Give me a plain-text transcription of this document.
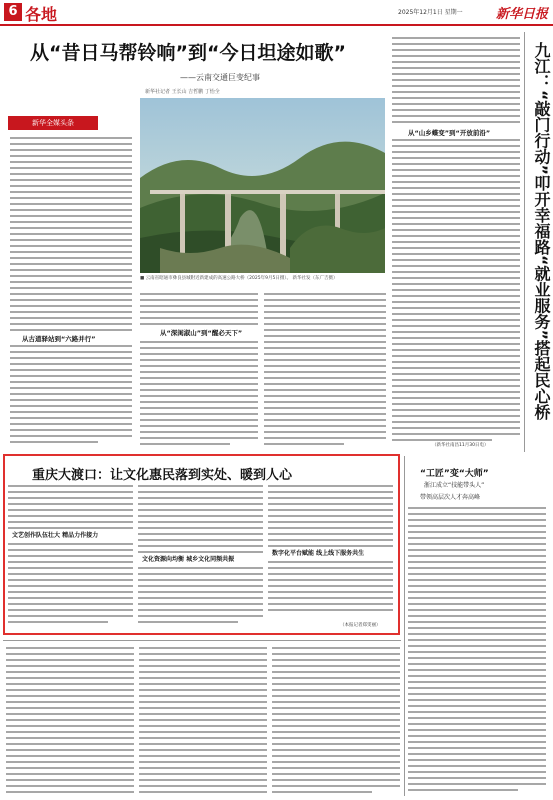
6 各地	2025年12月1日 星期一	新华日报
从“昔日马帮铃响”到“今日坦途如歌”
——云南交通巨变纪事
新华社记者 王长山 吉哲鹏 丁怡全
新华全媒头条
从古道驿站到“六路并行”
■ 云南省昭通市彝良县城附近新建成的高速公路大桥（2025年9月5日摄）。 新华社发（东广吉摄）
从“深闺淑山”到“醒必天下”
从“山乡蝶变”到“开放前沿”	九江：“敲门行动”叩开幸福路“就业服务”搭起民心桥
（新华社南昌11月30日电）
重庆大渡口：让文化惠民落到实处、暖到人心
文艺创作队伍壮大 精品力作接力
文化资源向均衡 城乡文化同频共振
数字化平台赋能 线上线下服务共生
（本报记者郑雯丽）
“工匠”变“大师”
浙江成立“技能带头人”
带领高层次人才奔高峰
